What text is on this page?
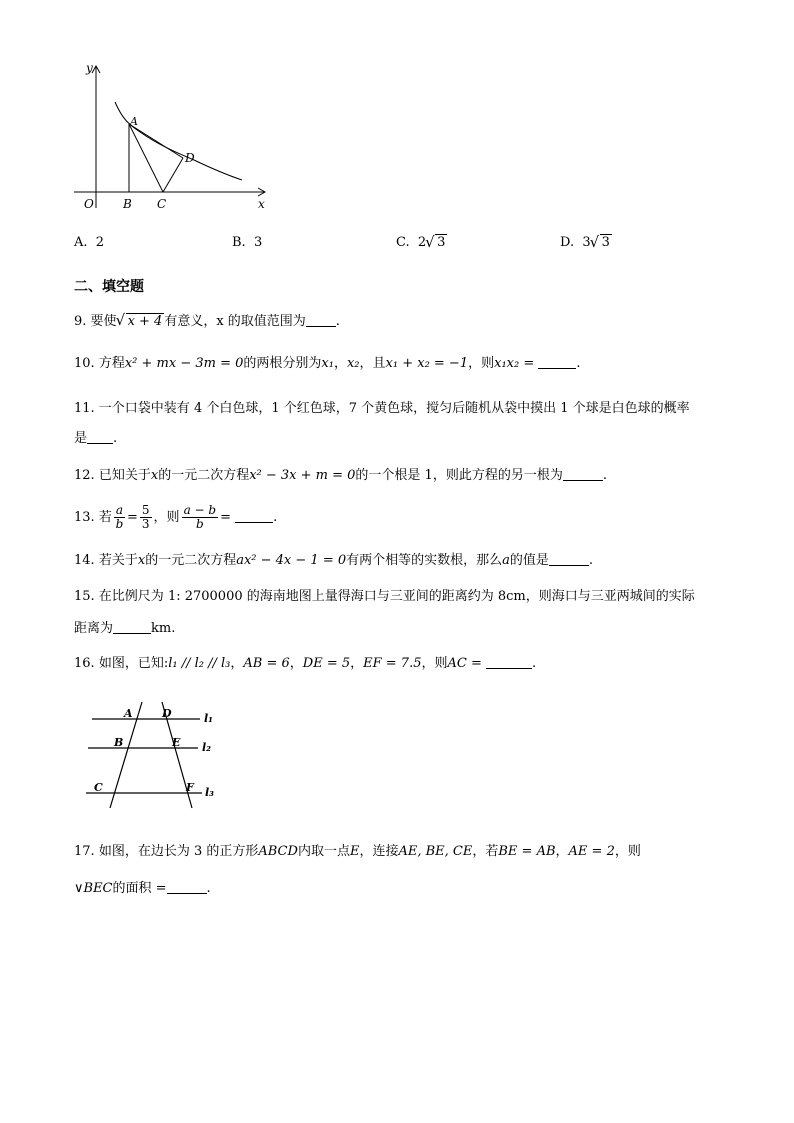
y
x
O
A
B C
D
A. 2	B. 3	C. 2 √ 3	D. 3 √ 3
二、填空题
9. 要使 √ x + 4 有意义，x 的取值范围为 .
10. 方程x² + mx − 3m = 0的两根分别为x₁，x₂，且x₁ + x₂ = −1，则x₁x₂ =	.
11. 一个口袋中装有 4 个白色球，1 个红色球，7 个黄色球，搅匀后随机从袋中摸出 1 个球是白色球的概率
是 .
12. 已知关于x的一元二次方程x² − 3x + m = 0的一个根是 1，则此方程的另一根为	.
13. 若 $\frac{a}{b} = \frac{5}{3}$ ，则 $\frac{a - b}{b}$ =	.
14. 若关于x的一元二次方程ax² − 4x − 1 = 0有两个相等的实数根，那么a的值是	.
15. 在比例尺为 1: 2700000 的海南地图上量得海口与三亚间的距离约为 8cm，则海口与三亚两城间的实际
距离为	km.
16. 如图，已知:l₁ // l₂ // l₃，AB = 6，DE = 5，EF = 7.5，则AC =	.
A	D	l₁
B	E l₂
C	F l₃
17. 如图，在边长为 3 的正方形ABCD内取一点E，连接AE, BE, CE，若BE = AB，AE = 2，则
∨BEC的面积 =	.
